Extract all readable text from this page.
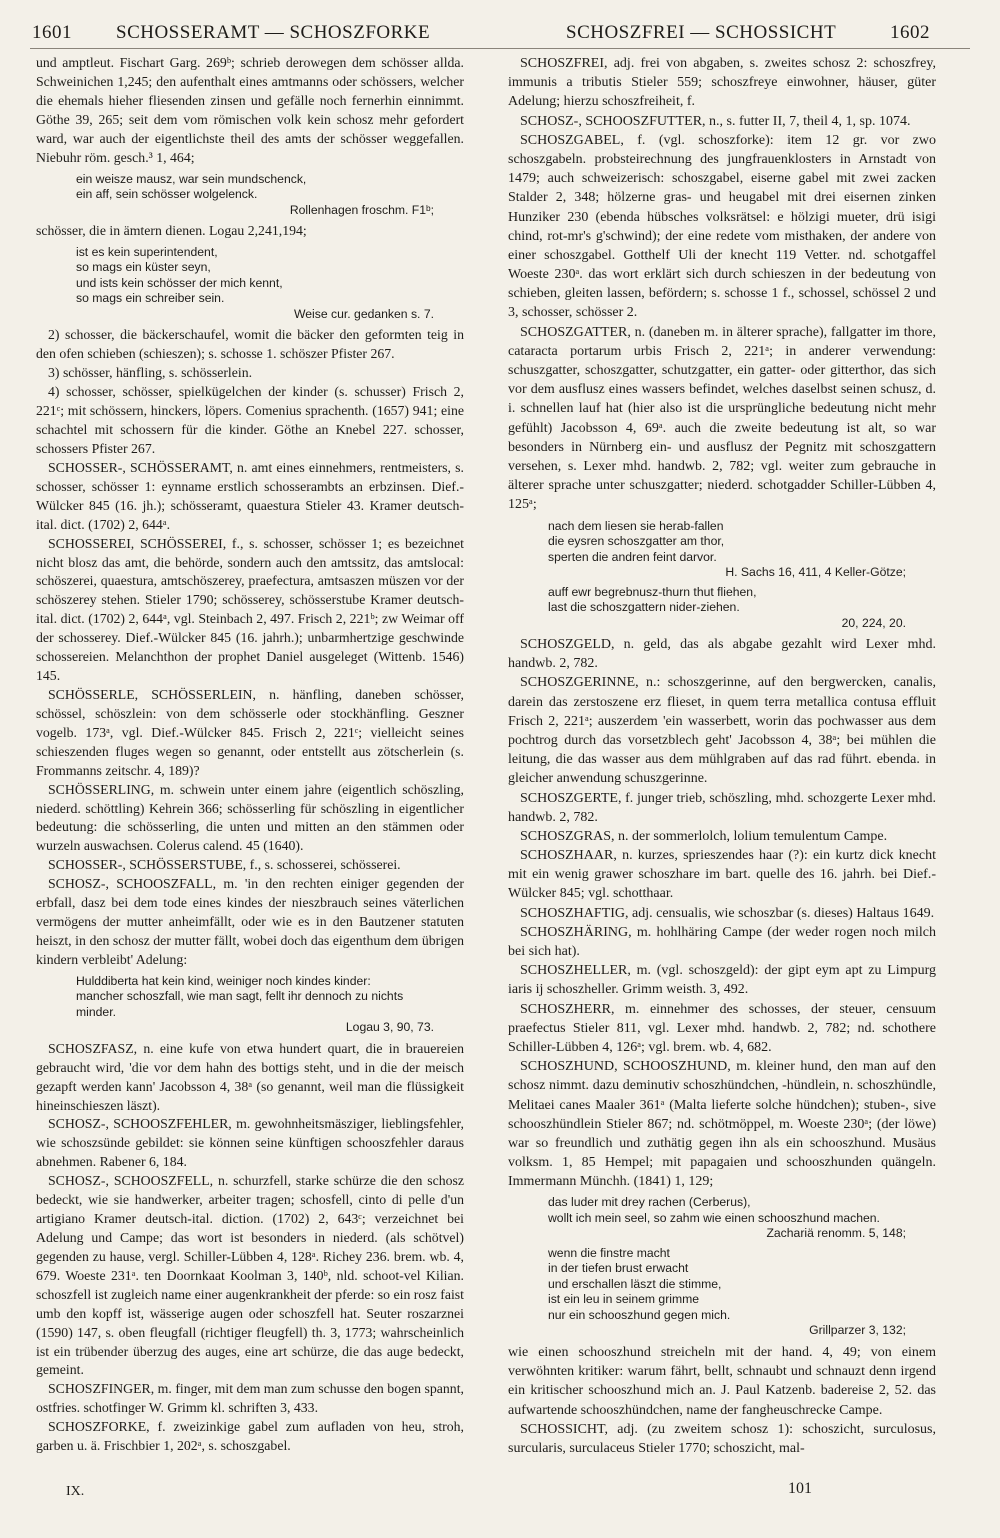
1601 SCHOSSERAMT — SCHOSZFORKE	SCHOSZFREI — SCHOSSICHT	1602

und amptleut. Fischart Garg. 269ᵇ; schrieb derowegen dem schösser allda. Schweinichen 1,245; den aufenthalt eines amtmanns oder schössers, welcher die ehemals hieher fliesenden zinsen und gefälle noch fernerhin einnimmt. Göthe 39, 265; seit dem vom römischen volk kein schosz mehr gefordert ward, war auch der eigentlichste theil des amts der schösser weggefallen. Niebuhr röm. gesch.³ 1, 464;

ein weisze mausz, war sein mundschenck,
ein aff, sein schösser wolgelenck.
Rollenhagen froschm. F1ᵇ;

schösser, die in ämtern dienen. Logau 2,241,194;

ist es kein superintendent,
so mags ein küster seyn,
und ists kein schösser der mich kennt,
so mags ein schreiber sein.
Weise cur. gedanken s. 7.

2) schosser, die bäckerschaufel, womit die bäcker den geformten teig in den ofen schieben (schieszen); s. schosse 1. schöszer Pfister 267.

3) schösser, hänfling, s. schösserlein.

4) schosser, schösser, spielkügelchen der kinder (s. schusser) Frisch 2, 221ᶜ; mit schössern, hinckers, löpers. Comenius sprachenth. (1657) 941; eine schachtel mit schossern für die kinder. Göthe an Knebel 227. schosser, schossers Pfister 267.

SCHOSSER-, SCHÖSSERAMT, n. amt eines einnehmers, rentmeisters, s. schosser, schösser 1: eynname erstlich schosserambts an erbzinsen. Dief.-Wülcker 845 (16. jh.); schösseramt, quaestura Stieler 43. Kramer deutsch-ital. dict. (1702) 2, 644ᵃ.

SCHOSSEREI, SCHÖSSEREI, f., s. schosser, schösser 1; es bezeichnet nicht blosz das amt, die behörde, sondern auch den amtssitz, das amtslocal: schöszerei, quaestura, amtschöszerey, praefectura, amtsaszen müszen vor der schöszerey stehen. Stieler 1790; schösserey, schösserstube Kramer deutsch-ital. dict. (1702) 2, 644ᵃ, vgl. Steinbach 2, 497. Frisch 2, 221ᵇ; zw Weimar off der schosserey. Dief.-Wülcker 845 (16. jahrh.); unbarmhertzige geschwinde schossereien. Melanchthon der prophet Daniel ausgeleget (Wittenb. 1546) 145.

SCHÖSSERLE, SCHÖSSERLEIN, n. hänfling, daneben schösser, schössel, schöszlein: von dem schösserle oder stockhänfling. Geszner vogelb. 173ᵃ, vgl. Dief.-Wülcker 845. Frisch 2, 221ᶜ; vielleicht seines schieszenden fluges wegen so genannt, oder entstellt aus zötscherlein (s. Frommanns zeitschr. 4, 189)?

SCHÖSSERLING, m. schwein unter einem jahre (eigentlich schöszling, niederd. schöttling) Kehrein 366; schösserling für schöszling in eigentlicher bedeutung: die schösserling, die unten und mitten an den stämmen oder wurzeln auswachsen. Colerus calend. 45 (1640).

SCHOSSER-, SCHÖSSERSTUBE, f., s. schosserei, schösserei.

SCHOSZ-, SCHOOSZFALL, m. 'in den rechten einiger gegenden der erbfall, dasz bei dem tode eines kindes der nieszbrauch seines väterlichen vermögens der mutter anheimfällt, oder wie es in den Bautzener statuten heiszt, in den schosz der mutter fällt, wobei doch das eigenthum dem übrigen kindern verbleibt' Adelung:

Hulddiberta hat kein kind, weiniger noch kindes kinder:
mancher schoszfall, wie man sagt, fellt ihr dennoch zu nichts
minder.
Logau 3, 90, 73.

SCHOSZFASZ, n. eine kufe von etwa hundert quart, die in brauereien gebraucht wird, 'die vor dem hahn des bottigs steht, und in die der meisch gezapft werden kann' Jacobsson 4, 38ᵃ (so genannt, weil man die flüssigkeit hineinschieszen läszt).

SCHOSZ-, SCHOOSZFEHLER, m. gewohnheitsmäsziger, lieblingsfehler, wie schoszsünde gebildet: sie können seine künftigen schooszfehler daraus abnehmen. Rabener 6, 184.

SCHOSZ-, SCHOOSZFELL, n. schurzfell, starke schürze die den schosz bedeckt, wie sie handwerker, arbeiter tragen; schosfell, cinto di pelle d'un artigiano Kramer deutsch-ital. diction. (1702) 2, 643ᶜ; verzeichnet bei Adelung und Campe; das wort ist besonders in niederd. (als schötvel) gegenden zu hause, vergl. Schiller-Lübben 4, 128ᵃ. Richey 236. brem. wb. 4, 679. Woeste 231ᵃ. ten Doornkaat Koolman 3, 140ᵇ, nld. schoot-vel Kilian. schoszfell ist zugleich name einer augenkrankheit der pferde: so ein rosz faist umb den kopff ist, wässerige augen oder schoszfell hat. Seuter roszarznei (1590) 147, s. oben fleugfall (richtiger fleugfell) th. 3, 1773; wahrscheinlich ist ein trübender überzug des auges, eine art schürze, die das auge bedeckt, gemeint.

SCHOSZFINGER, m. finger, mit dem man zum schusse den bogen spannt, ostfries. schotfinger W. Grimm kl. schriften 3, 433.

SCHOSZFORKE, f. zweizinkige gabel zum aufladen von heu, stroh, garben u. ä. Frischbier 1, 202ᵃ, s. schoszgabel.

SCHOSZFREI, adj. frei von abgaben, s. zweites schosz 2: schoszfrey, immunis a tributis Stieler 559; schoszfreye einwohner, häuser, güter Adelung; hierzu schoszfreiheit, f.

SCHOSZ-, SCHOOSZFUTTER, n., s. futter II, 7, theil 4, 1, sp. 1074.

SCHOSZGABEL, f. (vgl. schoszforke): item 12 gr. vor zwo schoszgabeln. probsteirechnung des jungfrauenklosters in Arnstadt von 1479; auch schweizerisch: schoszgabel, eiserne gabel mit zwei zacken Stalder 2, 348; hölzerne gras- und heugabel mit drei eisernen zinken Hunziker 230 (ebenda hübsches volksrätsel: e hölzigi mueter, drü isigi chind, rot-mr's g'schwind); der eine redete vom misthaken, der andere von einer schoszgabel. Gotthelf Uli der knecht 119 Vetter. nd. schotgaffel Woeste 230ᵃ. das wort erklärt sich durch schieszen in der bedeutung von schieben, gleiten lassen, befördern; s. schosse 1 f., schossel, schössel 2 und 3, schosser, schösser 2.

SCHOSZGATTER, n. (daneben m. in älterer sprache), fallgatter im thore, cataracta portarum urbis Frisch 2, 221ᵃ; in anderer verwendung: schuszgatter, schoszgatter, schutzgatter, ein gatter- oder gitterthor, das sich vor dem ausflusz eines wassers befindet, welches daselbst seinen schusz, d. i. schnellen lauf hat (hier also ist die ursprüngliche bedeutung nicht mehr gefühlt) Jacobsson 4, 69ᵃ. auch die zweite bedeutung ist alt, so war besonders in Nürnberg ein- und ausflusz der Pegnitz mit schoszgattern versehen, s. Lexer mhd. handwb. 2, 782; vgl. weiter zum gebrauche in älterer sprache unter schuszgatter; niederd. schotgadder Schiller-Lübben 4, 125ᵃ;

nach dem liesen sie herab-fallen
die eysren schoszgatter am thor,
sperten die andren feint darvor.
H. Sachs 16, 411, 4 Keller-Götze;
auff ewr begrebnusz-thurn thut fliehen,
last die schoszgattern nider-ziehen.
20, 224, 20.

SCHOSZGELD, n. geld, das als abgabe gezahlt wird Lexer mhd. handwb. 2, 782.

SCHOSZGERINNE, n.: schoszgerinne, auf den bergwercken, canalis, darein das zerstoszene erz flieset, in quem terra metallica contusa effluit Frisch 2, 221ᵃ; auszerdem 'ein wasserbett, worin das pochwasser aus dem pochtrog durch das vorsetzblech geht' Jacobsson 4, 38ᵃ; bei mühlen die leitung, die das wasser aus dem mühlgraben auf das rad führt. ebenda. in gleicher anwendung schuszgerinne.

SCHOSZGERTE, f. junger trieb, schöszling, mhd. schozgerte Lexer mhd. handwb. 2, 782.

SCHOSZGRAS, n. der sommerlolch, lolium temulentum Campe.

SCHOSZHAAR, n. kurzes, sprieszendes haar (?): ein kurtz dick knecht mit ein wenig grawer schoszhare im bart. quelle des 16. jahrh. bei Dief.-Wülcker 845; vgl. schotthaar.

SCHOSZHAFTIG, adj. censualis, wie schoszbar (s. dieses) Haltaus 1649.

SCHOSZHÄRING, m. hohlhäring Campe (der weder rogen noch milch bei sich hat).

SCHOSZHELLER, m. (vgl. schoszgeld): der gipt eym apt zu Limpurg iaris ij schoszheller. Grimm weisth. 3, 492.

SCHOSZHERR, m. einnehmer des schosses, der steuer, censuum praefectus Stieler 811, vgl. Lexer mhd. handwb. 2, 782; nd. schotherе Schiller-Lübben 4, 126ᵃ; vgl. brem. wb. 4, 682.

SCHOSZHUND, SCHOOSZHUND, m. kleiner hund, den man auf den schosz nimmt. dazu deminutiv schoszhündchen, -hündlein, n. schoszhündle, Melitaei canes Maaler 361ᵃ (Malta lieferte solche hündchen); stuben-, sive schooszhündlein Stieler 867; nd. schötmöppel, m. Woeste 230ᵃ; (der löwe) war so freundlich und zuthätig gegen ihn als ein schooszhund. Musäus volksm. 1, 85 Hempel; mit papagaien und schooszhunden quängeln. Immermann Münchh. (1841) 1, 129;

das luder mit drey rachen (Cerberus),
wollt ich mein seel, so zahm wie einen schooszhund machen.
Zachariä renomm. 5, 148;
wenn die finstre macht
in der tiefen brust erwacht
und erschallen läszt die stimme,
ist ein leu in seinem grimme
nur ein schooszhund gegen mich.
Grillparzer 3, 132;

wie einen schooszhund streicheln mit der hand. 4, 49; von einem verwöhnten kritiker: warum fährt, bellt, schnaubt und schnauzt denn irgend ein kritischer schooszhund mich an. J. Paul Katzenb. badereise 2, 52. das aufwartende schooszhündchen, name der fangheuschrecke Campe.

SCHOSSICHT, adj. (zu zweitem schosz 1): schoszicht, surculosus, surcularis, surculaceus Stieler 1770; schoszicht, mal-

IX.	101
